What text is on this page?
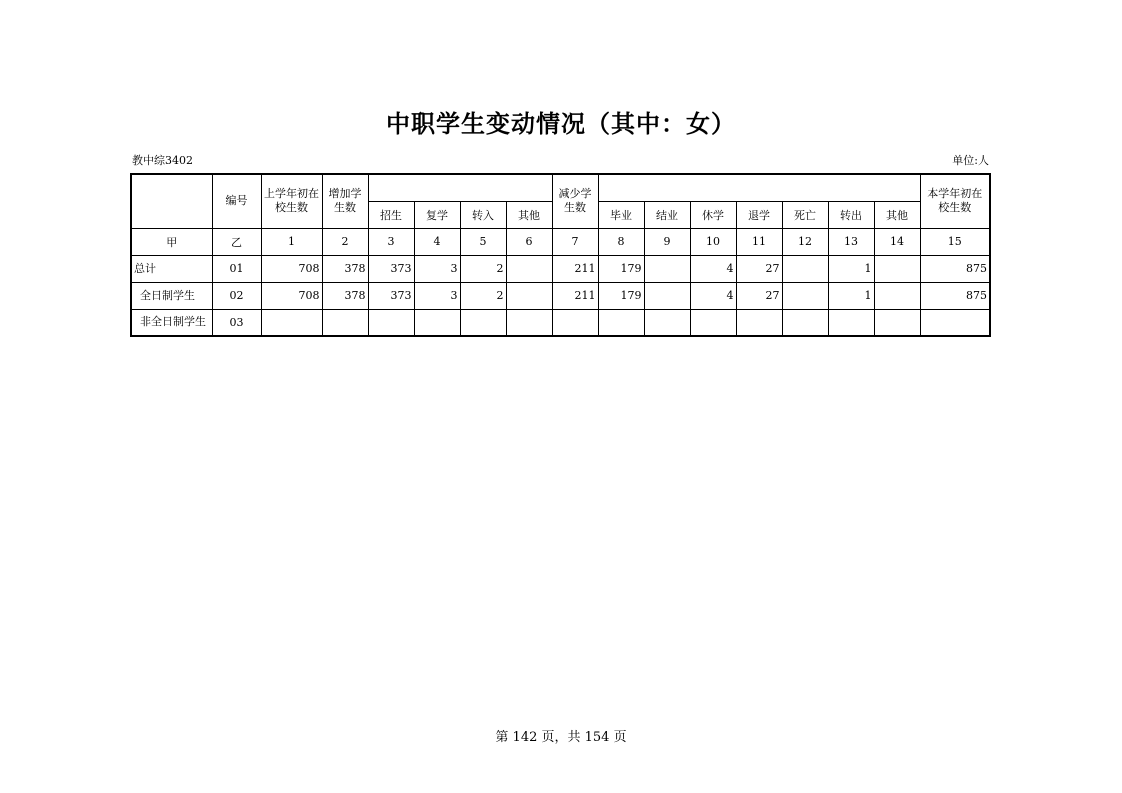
中职学生变动情况（其中：女）
教中综3402	单位:人
	编号	上学年初在校生数	增加学生数					减少学生数								本学年初在校生数
				招生	复学	转入	其他		毕业	结业	休学	退学	死亡	转出	其他	
甲	乙	1	2	3	4	5	6	7	8	9	10	11	12	13	14	15
总计	01	708	378	373	3	2		211	179		4	27		1		875
全日制学生	02	708	378	373	3	2		211	179		4	27		1		875
非全日制学生	03															
第 142 页，共 154 页
